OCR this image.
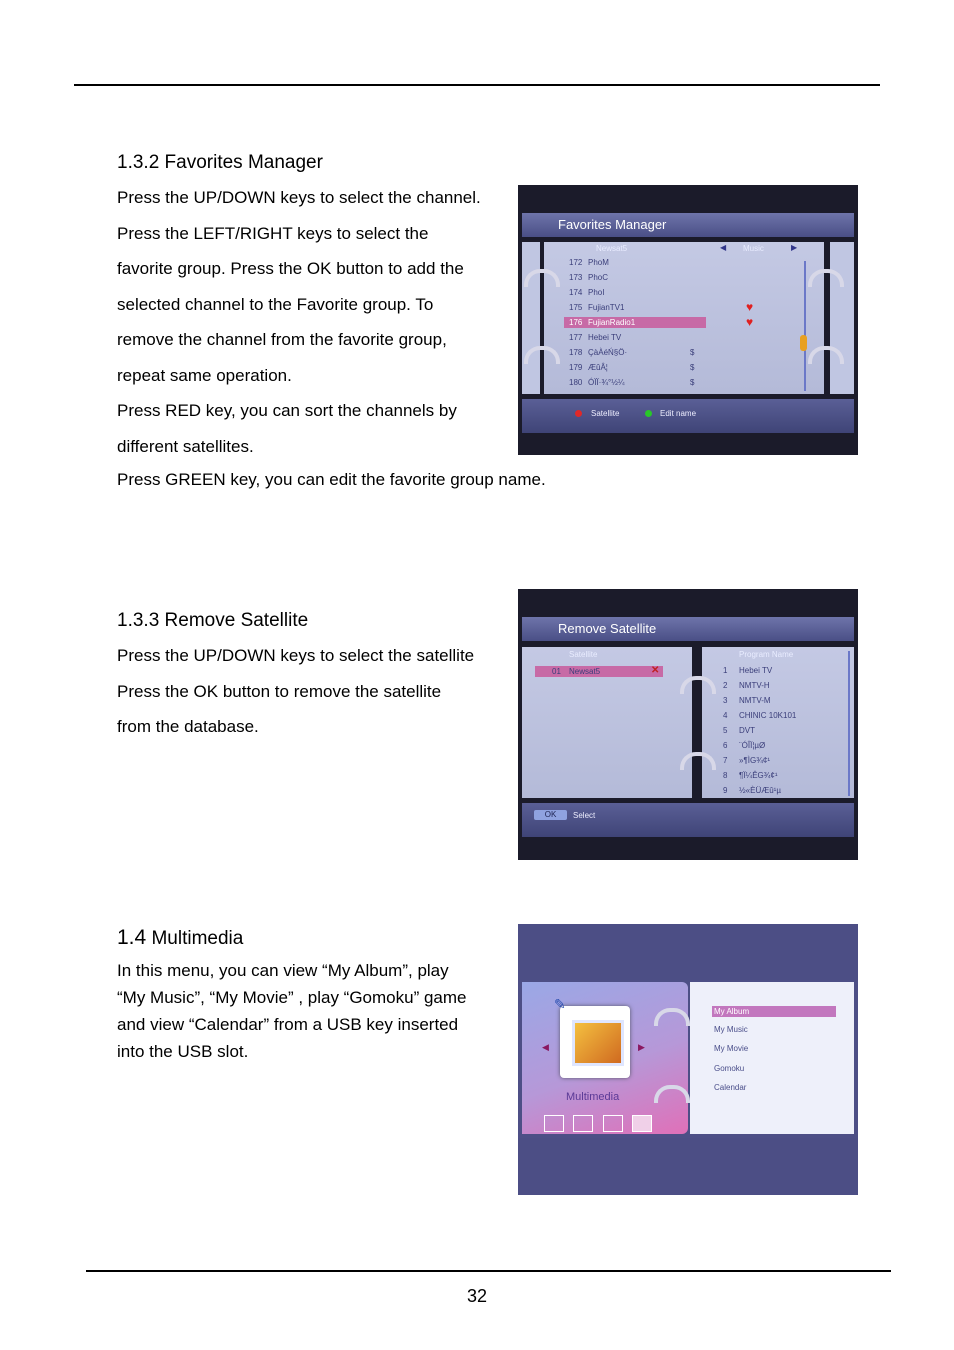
1.3.2 Favorites Manager

Press the UP/DOWN keys to select the channel.

Press the LEFT/RIGHT keys to select the

favorite group. Press the OK button to add the

selected channel to the Favorite group. To

remove the channel from the favorite group,

repeat same operation.

Press RED key, you can sort the channels by

different satellites.

Press GREEN key, you can edit the favorite group name.
Favorites Manager
Newsat5	◀ Music	▶
172 PhoM
173 PhoC
174 PhoI
175 FujianTV1	♥
176 FujianRadio1	♥
177 Hebei TV
178 ÇàÀéŃ§Ö·	$
179 ÆûÂ¦	$
180 ÓÏÏ·¾°½¼	$
Satellite	Edit name
1.3.3 Remove Satellite

Press the UP/DOWN keys to select the satellite

Press the OK button to remove the satellite

from the database.

Remove Satellite
Satellite	Program Name
01 Newsat5	✕	1 Hebei TV
2 NMTV-H
3 NMTV-M
4 CHINIC 10K101
5 DVT
6 ¨ÓÎÏ¦µØ
7 »¶ÌG¾¢¹
8 ¶Ï¼ÊG¾¢¹
9 ½«ÈÜÆû¹µ
OK	Select
1.4 Multimedia

In this menu, you can view “My Album”, play

“My Music”, “My Movie” , play “Gomoku” game

and view “Calendar” from a USB key inserted

into the USB slot.

✎
◀	▶
Multimedia

My Album
My Music
My Movie
Gomoku
Calendar
32
